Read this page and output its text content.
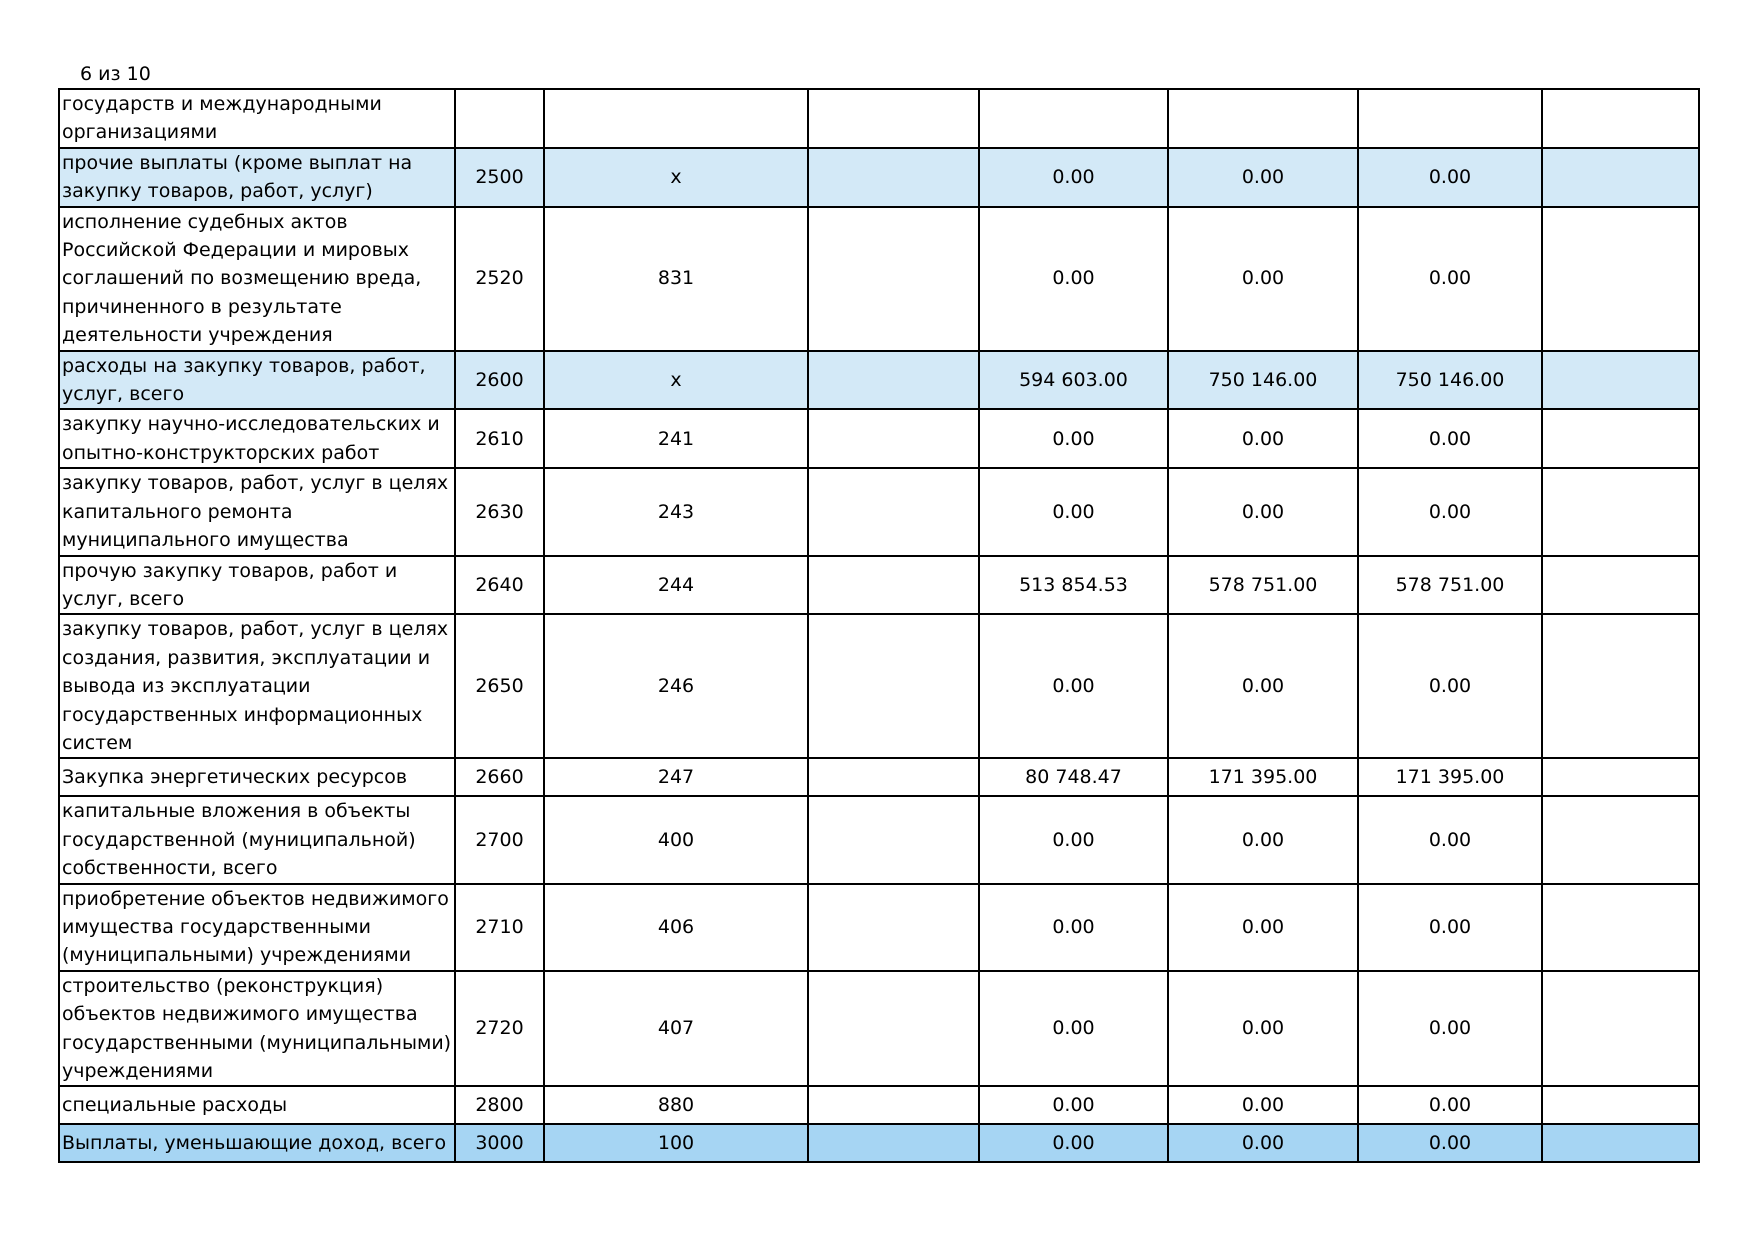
6 из 10
государств и международными организациями							
прочие выплаты (кроме выплат на закупку товаров, работ, услуг)	2500	x		0.00	0.00	0.00	
исполнение судебных актов Российской Федерации и мировых соглашений по возмещению вреда, причиненного в результате деятельности учреждения	2520	831		0.00	0.00	0.00	
расходы на закупку товаров, работ, услуг, всего	2600	x		594 603.00	750 146.00	750 146.00	
закупку научно-исследовательских и опытно-конструкторских работ	2610	241		0.00	0.00	0.00	
закупку товаров, работ, услуг в целях капитального ремонта муниципального имущества	2630	243		0.00	0.00	0.00	
прочую закупку товаров, работ и услуг, всего	2640	244		513 854.53	578 751.00	578 751.00	
закупку товаров, работ, услуг в целях создания, развития, эксплуатации и вывода из эксплуатации государственных информационных систем	2650	246		0.00	0.00	0.00	
Закупка энергетических ресурсов	2660	247		80 748.47	171 395.00	171 395.00	
капитальные вложения в объекты государственной (муниципальной) собственности, всего	2700	400		0.00	0.00	0.00	
приобретение объектов недвижимого имущества государственными (муниципальными) учреждениями	2710	406		0.00	0.00	0.00	
строительство (реконструкция) объектов недвижимого имущества государственными (муниципальными) учреждениями	2720	407		0.00	0.00	0.00	
специальные расходы	2800	880		0.00	0.00	0.00	
Выплаты, уменьшающие доход, всего	3000	100		0.00	0.00	0.00	
